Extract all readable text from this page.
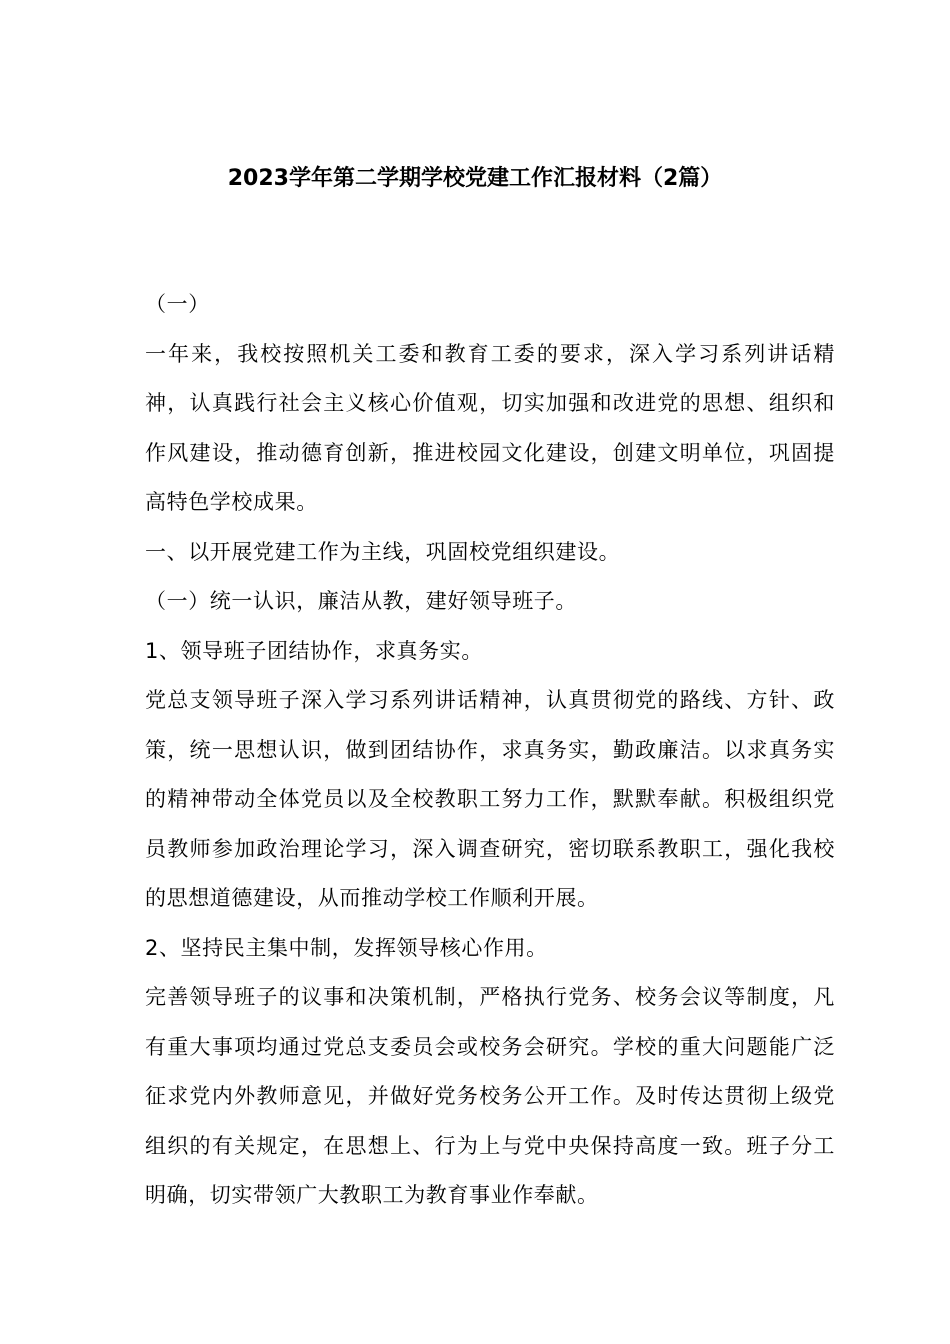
2023学年第二学期学校党建工作汇报材料（2篇）

（一）

一年来，我校按照机关工委和教育工委的要求，深入学习系列讲话精神，认真践行社会主义核心价值观，切实加强和改进党的思想、组织和作风建设，推动德育创新，推进校园文化建设，创建文明单位，巩固提高特色学校成果。

一、以开展党建工作为主线，巩固校党组织建设。

（一）统一认识，廉洁从教，建好领导班子。

1、领导班子团结协作，求真务实。

党总支领导班子深入学习系列讲话精神，认真贯彻党的路线、方针、政策，统一思想认识，做到团结协作，求真务实，勤政廉洁。以求真务实的精神带动全体党员以及全校教职工努力工作，默默奉献。积极组织党员教师参加政治理论学习，深入调查研究，密切联系教职工，强化我校的思想道德建设，从而推动学校工作顺利开展。

2、坚持民主集中制，发挥领导核心作用。

完善领导班子的议事和决策机制，严格执行党务、校务会议等制度，凡有重大事项均通过党总支委员会或校务会研究。学校的重大问题能广泛征求党内外教师意见，并做好党务校务公开工作。及时传达贯彻上级党组织的有关规定，在思想上、行为上与党中央保持高度一致。班子分工明确，切实带领广大教职工为教育事业作奉献。
